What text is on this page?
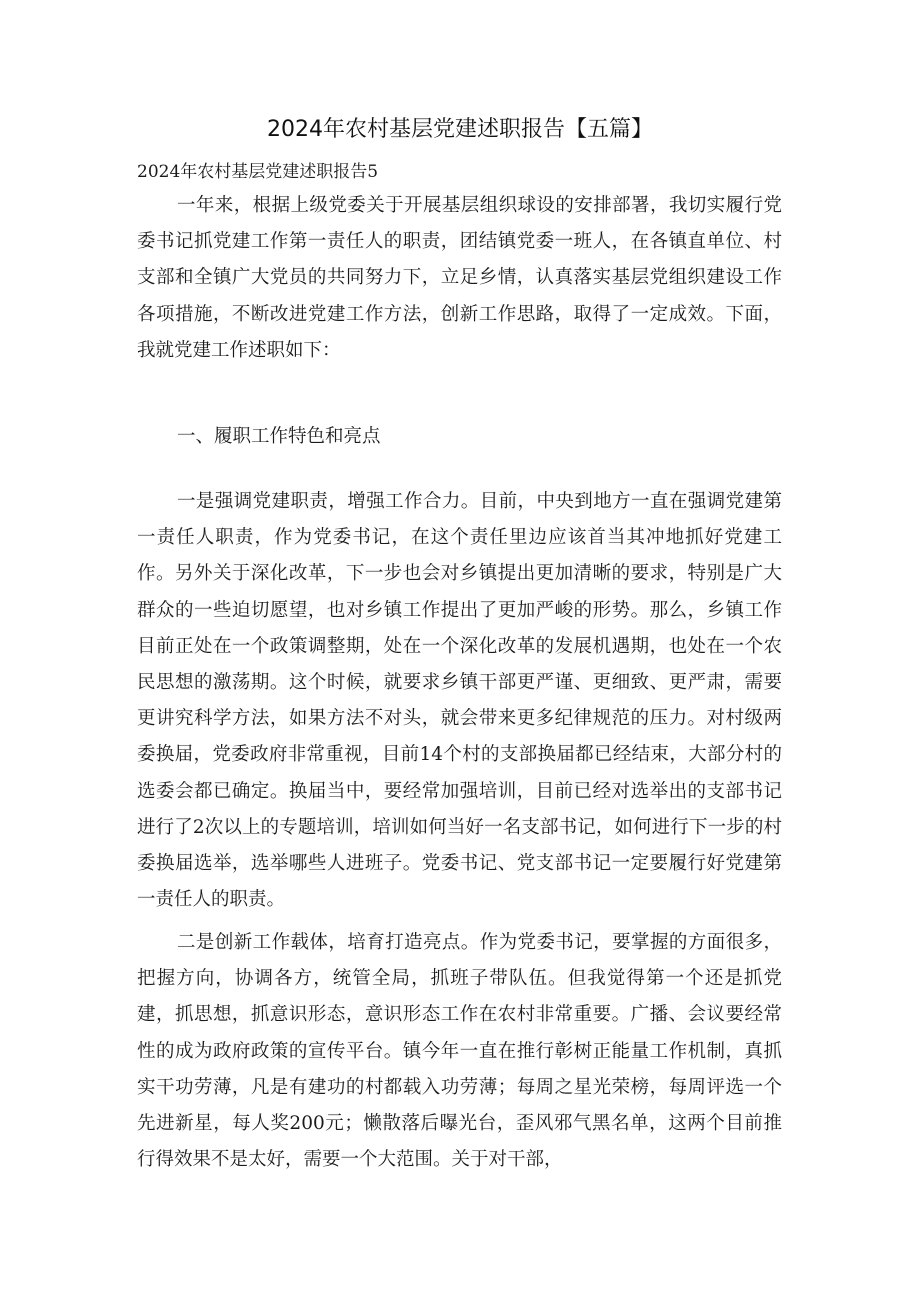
2024年农村基层党建述职报告【五篇】
2024年农村基层党建述职报告5

一年来，根据上级党委关于开展基层组织球设的安排部署，我切实履行党委书记抓党建工作第一责任人的职责，团结镇党委一班人，在各镇直单位、村支部和全镇广大党员的共同努力下，立足乡情，认真落实基层党组织建设工作各项措施，不断改进党建工作方法，创新工作思路，取得了一定成效。下面，我就党建工作述职如下：

一、履职工作特色和亮点

一是强调党建职责，增强工作合力。目前，中央到地方一直在强调党建第一责任人职责，作为党委书记，在这个责任里边应该首当其冲地抓好党建工作。另外关于深化改革，下一步也会对乡镇提出更加清晰的要求，特别是广大群众的一些迫切愿望，也对乡镇工作提出了更加严峻的形势。那么，乡镇工作目前正处在一个政策调整期，处在一个深化改革的发展机遇期，也处在一个农民思想的激荡期。这个时候，就要求乡镇干部更严谨、更细致、更严肃，需要更讲究科学方法，如果方法不对头，就会带来更多纪律规范的压力。对村级两委换届，党委政府非常重视，目前14个村的支部换届都已经结束，大部分村的选委会都已确定。换届当中，要经常加强培训，目前已经对选举出的支部书记进行了2次以上的专题培训，培训如何当好一名支部书记，如何进行下一步的村委换届选举，选举哪些人进班子。党委书记、党支部书记一定要履行好党建第一责任人的职责。

二是创新工作载体，培育打造亮点。作为党委书记，要掌握的方面很多，把握方向，协调各方，统管全局，抓班子带队伍。但我觉得第一个还是抓党建，抓思想，抓意识形态，意识形态工作在农村非常重要。广播、会议要经常性的成为政府政策的宣传平台。镇今年一直在推行彰树正能量工作机制，真抓实干功劳薄，凡是有建功的村都载入功劳薄；每周之星光荣榜，每周评选一个先进新星，每人奖200元；懒散落后曝光台，歪风邪气黑名单，这两个目前推行得效果不是太好，需要一个大范围。关于对干部，
